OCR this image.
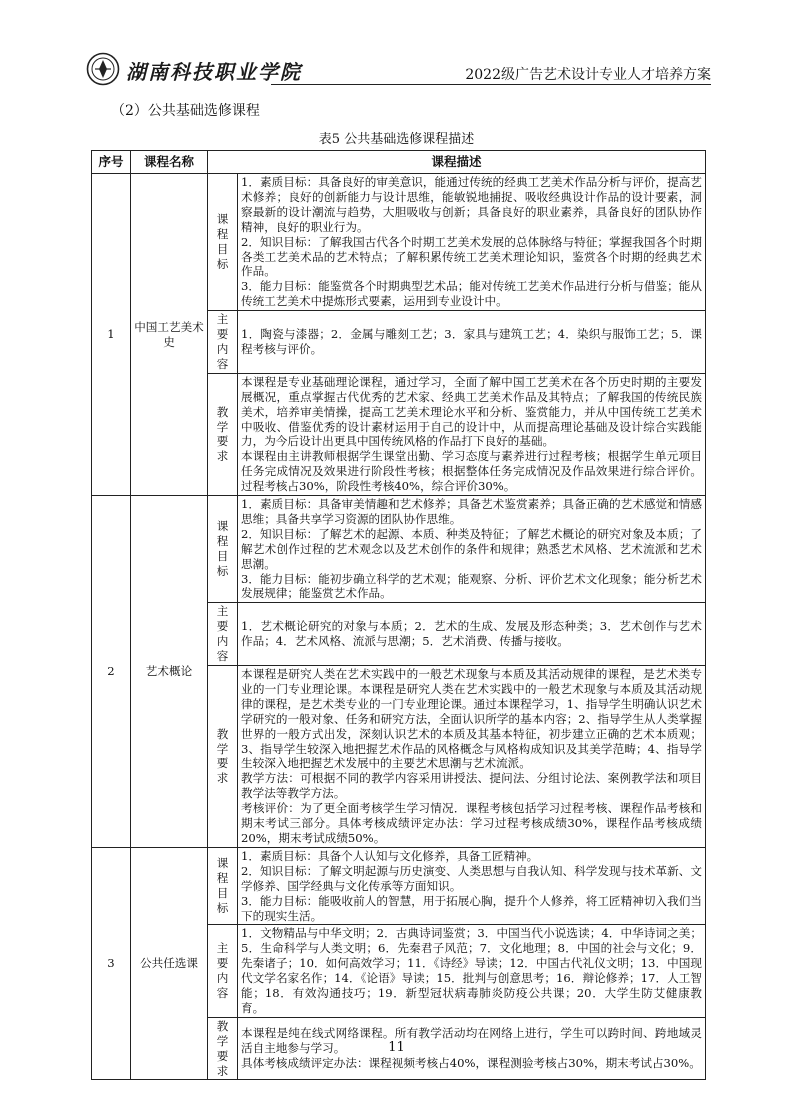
湖南科技职业学院	2022级广告艺术设计专业人才培养方案
（2）公共基础选修课程
表5 公共基础选修课程描述
序号	课程名称	课程描述	
1	中国工艺美术史	课程目标	1．素质目标：具备良好的审美意识，能通过传统的经典工艺美术作品分析与评价，提高艺术修养；良好的创新能力与设计思维，能敏锐地捕捉、吸收经典设计作品的设计要素，洞察最新的设计潮流与趋势，大胆吸收与创新；具备良好的职业素养，具备良好的团队协作精神，良好的职业行为。

2．知识目标：了解我国古代各个时期工艺美术发展的总体脉络与特征；掌握我国各个时期各类工艺美术品的艺术特点；了解积累传统工艺美术理论知识，鉴赏各个时期的经典艺术作品。

3．能力目标：能鉴赏各个时期典型艺术品；能对传统工艺美术作品进行分析与借鉴；能从传统工艺美术中提炼形式要素，运用到专业设计中。

		主要内容	1．陶瓷与漆器；2．金属与雕刻工艺；3．家具与建筑工艺；4．染织与服饰工艺；5．课程考核与评价。

		教学要求	本课程是专业基础理论课程，通过学习，全面了解中国工艺美术在各个历史时期的主要发展概况，重点掌握古代优秀的艺术家、经典工艺美术作品及其特点；了解我国的传统民族美术，培养审美情操，提高工艺美术理论水平和分析、鉴赏能力，并从中国传统工艺美术中吸收、借鉴优秀的设计素材运用于自己的设计中，从而提高理论基础及设计综合实践能力，为今后设计出更具中国传统风格的作品打下良好的基础。

本课程由主讲教师根据学生课堂出勤、学习态度与素养进行过程考核；根据学生单元项目任务完成情况及效果进行阶段性考核；根据整体任务完成情况及作品效果进行综合评价。过程考核占30%，阶段性考核40%，综合评价30%。

2	艺术概论	课程目标	1．素质目标：具备审美情趣和艺术修养；具备艺术鉴赏素养；具备正确的艺术感觉和情感思维；具备共享学习资源的团队协作思维。

2．知识目标：了解艺术的起源、本质、种类及特征；了解艺术概论的研究对象及本质；了解艺术创作过程的艺术观念以及艺术创作的条件和规律；熟悉艺术风格、艺术流派和艺术思潮。

3．能力目标：能初步确立科学的艺术观；能观察、分析、评价艺术文化现象；能分析艺术发展规律；能鉴赏艺术作品。

		主要内容	1．艺术概论研究的对象与本质；2．艺术的生成、发展及形态种类；3．艺术创作与艺术作品；4．艺术风格、流派与思潮；5．艺术消费、传播与接收。

		教学要求	本课程是研究人类在艺术实践中的一般艺术现象与本质及其活动规律的课程，是艺术类专业的一门专业理论课。本课程是研究人类在艺术实践中的一般艺术现象与本质及其活动规律的课程，是艺术类专业的一门专业理论课。通过本课程学习，1、指导学生明确认识艺术学研究的一般对象、任务和研究方法，全面认识所学的基本内容；2、指导学生从人类掌握世界的一般方式出发，深刻认识艺术的本质及其基本特征，初步建立正确的艺术本质观；3、指导学生较深入地把握艺术作品的风格概念与风格构成知识及其美学范畴；4、指导学生较深入地把握艺术发展中的主要艺术思潮与艺术流派。

教学方法：可根据不同的教学内容采用讲授法、提问法、分组讨论法、案例教学法和项目教学法等教学方法。

考核评价：为了更全面考核学生学习情况．课程考核包括学习过程考核、课程作品考核和期末考试三部分。具体考核成绩评定办法：学习过程考核成绩30%，课程作品考核成绩20%，期末考试成绩50%。

3	公共任选课	课程目标	1．素质目标：具备个人认知与文化修养，具备工匠精神。

2．知识目标：了解文明起源与历史演变、人类思想与自我认知、科学发现与技术革新、文学修养、国学经典与文化传承等方面知识。

3．能力目标：能吸收前人的智慧，用于拓展心胸，提升个人修养，将工匠精神切入我们当下的现实生活。

		主要内容	1．文物精品与中华文明；2．古典诗词鉴赏；3．中国当代小说选读；4．中华诗词之美；5．生命科学与人类文明；6．先秦君子风范；7．文化地理；8．中国的社会与文化；9．先秦诸子；10．如何高效学习；11．《诗经》导读；12．中国古代礼仪文明；13．中国现代文学名家名作；14．《论语》导读；15．批判与创意思考；16．辩论修养；17．人工智能；18．有效沟通技巧；19．新型冠状病毒肺炎防疫公共课；20．大学生防艾健康教育。

		教学要求	本课程是纯在线式网络课程。所有教学活动均在网络上进行，学生可以跨时间、跨地域灵活自主地参与学习。

具体考核成绩评定办法：课程视频考核占40%，课程测验考核占30%，期末考试占30%。

11
